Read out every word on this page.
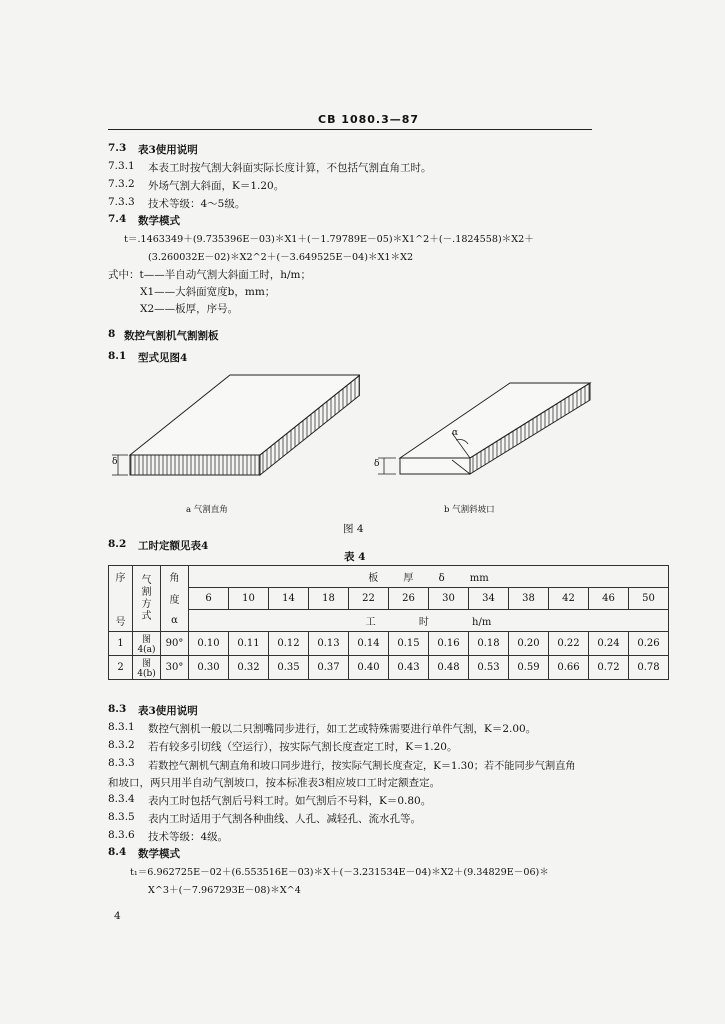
CB 1080.3—87
7.3 表3使用说明
7.3.1 本表工时按气割大斜面实际长度计算，不包括气割直角工时。
7.3.2 外场气割大斜面，K＝1.20。
7.3.3 技术等级：4～5级。
7.4 数学模式
t＝.1463349＋(9.735396E－03)＊X1＋(－1.79789E－05)＊X1^2＋(－.1824558)＊X2＋
(3.260032E－02)＊X2^2＋(－3.649525E－04)＊X1＊X2
式中：t——半自动气割大斜面工时，h/m；
X1——大斜面宽度b，mm；
X2——板厚，序号。
8 数控气割机气割割板
8.1 型式见图4
δ	δ
α
a 气割直角	b 气割斜坡口
图 4
8.2 工时定额见表4
表 4
序	气割方式	角	板 厚 δ mm											
		度	6	10	14	18	22	26	30	34	38	42	46	50
号		α	工 时 h/m											
1	图4(a)	90°	0.10	0.11	0.12	0.13	0.14	0.15	0.16	0.18	0.20	0.22	0.24	0.26
2	图4(b)	30°	0.30	0.32	0.35	0.37	0.40	0.43	0.48	0.53	0.59	0.66	0.72	0.78
8.3 表3使用说明
8.3.1 数控气割机一般以二只割嘴同步进行，如工艺或特殊需要进行单件气割，K＝2.00。
8.3.2 若有较多引切线（空运行），按实际气割长度查定工时，K＝1.20。
8.3.3 若数控气割机气割直角和坡口同步进行，按实际气割长度查定，K＝1.30；若不能同步气割直角
和坡口，两只用半自动气割坡口，按本标准表3相应坡口工时定额查定。
8.3.4 表内工时包括气割后号料工时。如气割后不号料，K＝0.80。
8.3.5 表内工时适用于气割各种曲线、人孔、减轻孔、流水孔等。
8.3.6 技术等级：4级。
8.4 数学模式
t₁＝6.962725E－02＋(6.553516E－03)＊X＋(－3.231534E－04)＊X2＋(9.34829E－06)＊
X^3＋(－7.967293E－08)＊X^4
4
